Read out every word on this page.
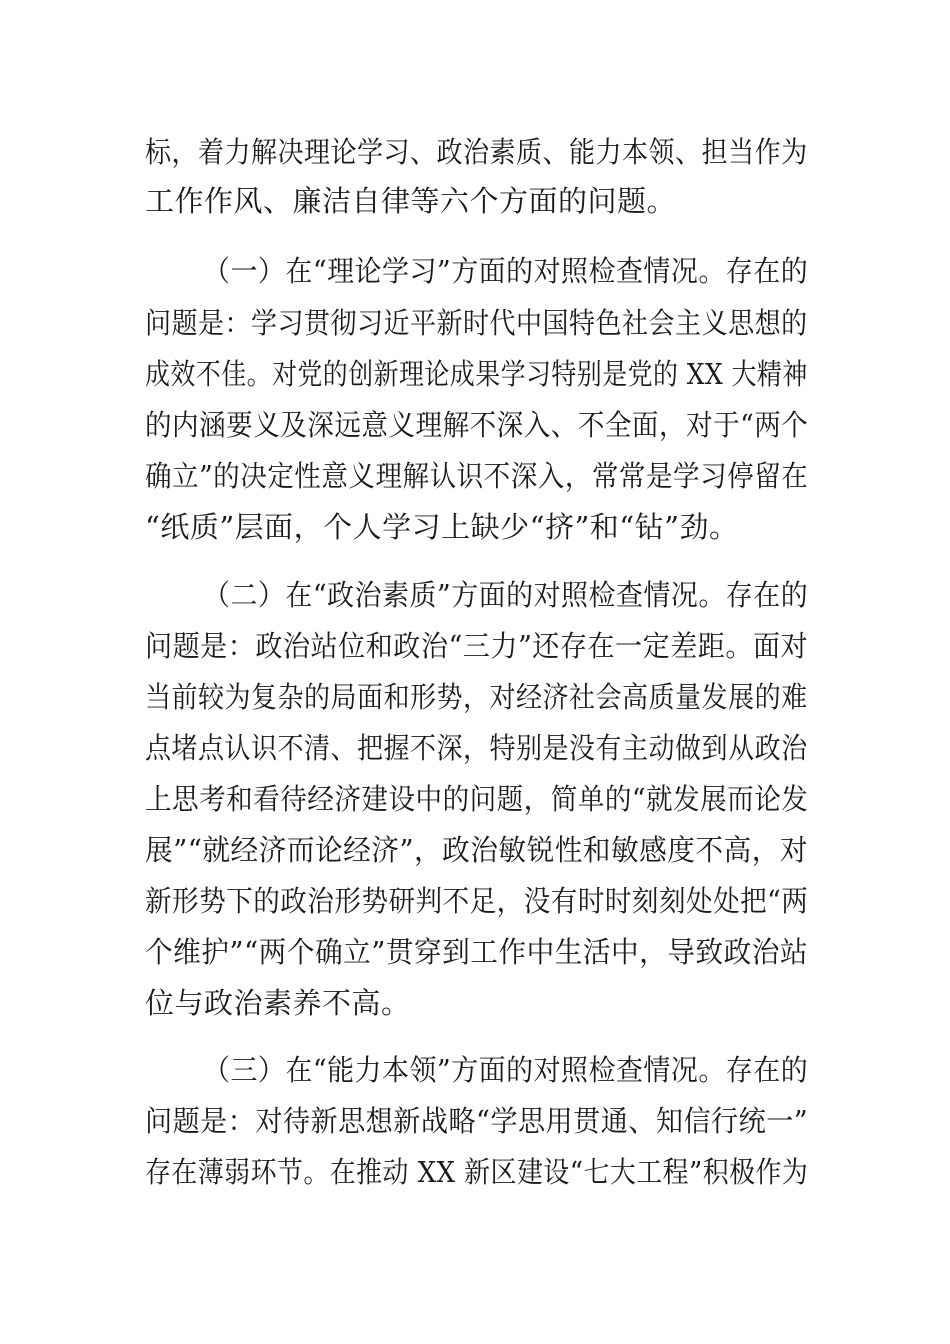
标，着力解决理论学习、政治素质、能力本领、担当作为
工作作风、廉洁自律等六个方面的问题。
（一）在“理论学习”方面的对照检查情况。存在的
问题是：学习贯彻习近平新时代中国特色社会主义思想的
成效不佳。对党的创新理论成果学习特别是党的 XX 大精神
的内涵要义及深远意义理解不深入、不全面，对于“两个
确立”的决定性意义理解认识不深入，常常是学习停留在
“纸质”层面，个人学习上缺少“挤”和“钻”劲。
（二）在“政治素质”方面的对照检查情况。存在的
问题是：政治站位和政治“三力”还存在一定差距。面对
当前较为复杂的局面和形势，对经济社会高质量发展的难
点堵点认识不清、把握不深，特别是没有主动做到从政治
上思考和看待经济建设中的问题，简单的“就发展而论发
展”“就经济而论经济”，政治敏锐性和敏感度不高，对
新形势下的政治形势研判不足，没有时时刻刻处处把“两
个维护”“两个确立”贯穿到工作中生活中，导致政治站
位与政治素养不高。
（三）在“能力本领”方面的对照检查情况。存在的
问题是：对待新思想新战略“学思用贯通、知信行统一”
存在薄弱环节。在推动 XX 新区建设“七大工程”积极作为
